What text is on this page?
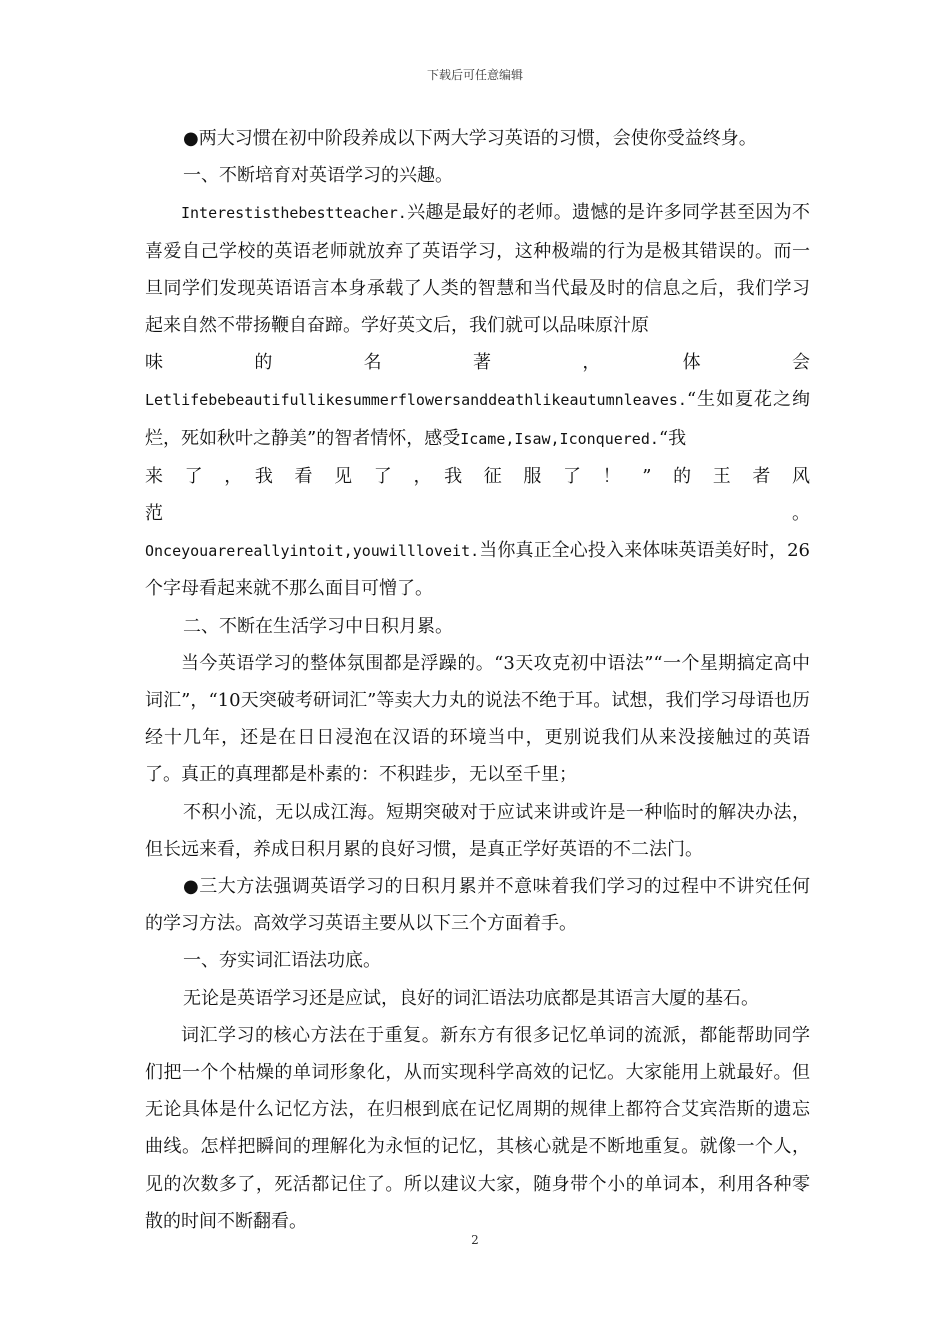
下载后可任意编辑

●两大习惯在初中阶段养成以下两大学习英语的习惯，会使你受益终身。

一、不断培育对英语学习的兴趣。

Interestisthebestteacher.兴趣是最好的老师。遗憾的是许多同学甚至因为不喜爱自己学校的英语老师就放弃了英语学习，这种极端的行为是极其错误的。而一旦同学们发现英语语言本身承载了人类的智慧和当代最及时的信息之后，我们学习起来自然不带扬鞭自奋蹄。学好英文后，我们就可以品味原汁原

味　　的　　名　　著　　，　　体　　会

Letlifebebeautifullikesummerflowersanddeathlikeautumnleaves.“生如夏花之绚烂，死如秋叶之静美”的智者情怀，感受Icame,Isaw,Iconquered.“我

来　了　，　我　看　见　了　，　我　征　服　了　！　”　的　王　者　风　范　。

Onceyouarereallyintoit,youwillloveit.当你真正全心投入来体味英语美好时，26个字母看起来就不那么面目可憎了。

二、不断在生活学习中日积月累。

当今英语学习的整体氛围都是浮躁的。“3天攻克初中语法”“一个星期搞定高中词汇”，“10天突破考研词汇”等卖大力丸的说法不绝于耳。试想，我们学习母语也历经十几年，还是在日日浸泡在汉语的环境当中，更别说我们从来没接触过的英语了。真正的真理都是朴素的：不积跬步，无以至千里；

不积小流，无以成江海。短期突破对于应试来讲或许是一种临时的解决办法，但长远来看，养成日积月累的良好习惯，是真正学好英语的不二法门。

●三大方法强调英语学习的日积月累并不意味着我们学习的过程中不讲究任何的学习方法。高效学习英语主要从以下三个方面着手。

一、夯实词汇语法功底。

无论是英语学习还是应试，良好的词汇语法功底都是其语言大厦的基石。

词汇学习的核心方法在于重复。新东方有很多记忆单词的流派，都能帮助同学们把一个个枯燥的单词形象化，从而实现科学高效的记忆。大家能用上就最好。但无论具体是什么记忆方法，在归根到底在记忆周期的规律上都符合艾宾浩斯的遗忘曲线。怎样把瞬间的理解化为永恒的记忆，其核心就是不断地重复。就像一个人，见的次数多了，死活都记住了。所以建议大家，随身带个小的单词本，利用各种零散的时间不断翻看。

2
